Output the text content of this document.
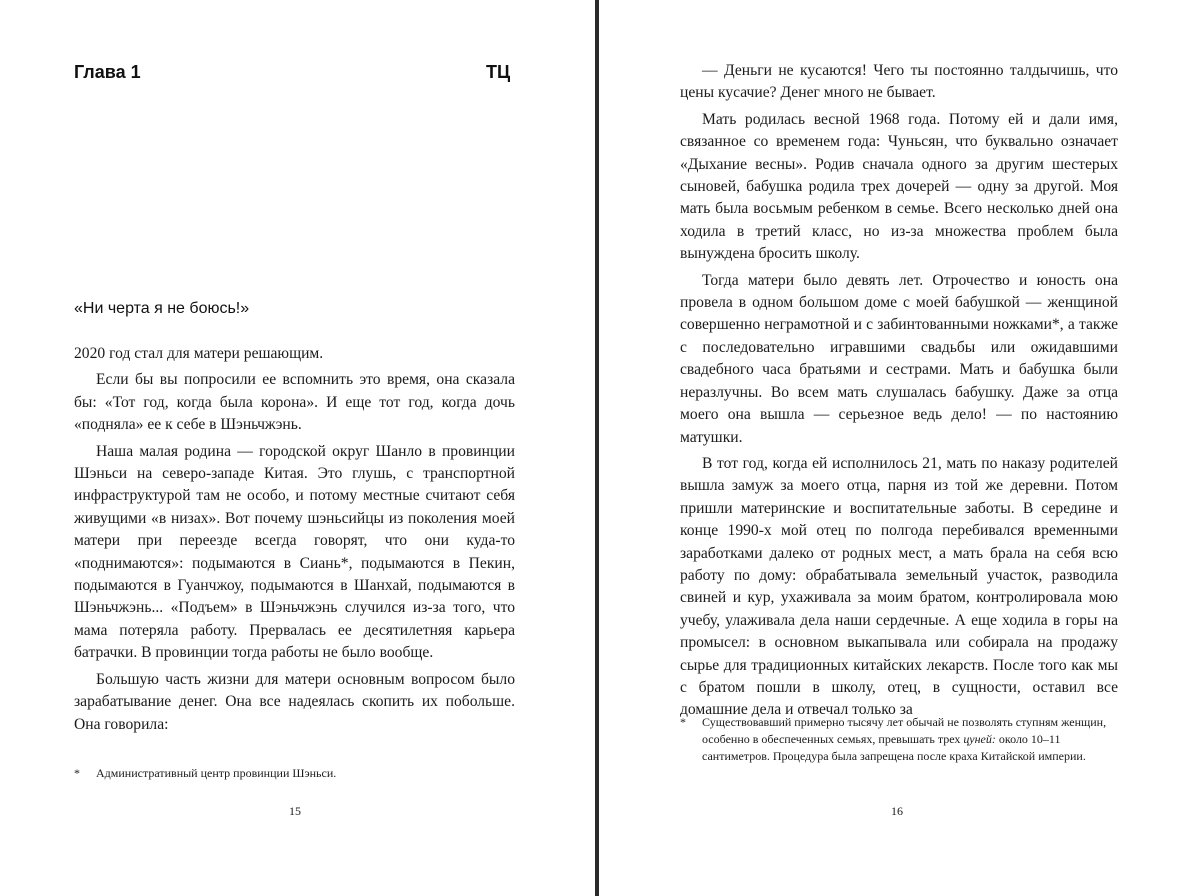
Глава 1	ТЦ
«Ни черта я не боюсь!»

2020 год стал для матери решающим.

Если бы вы попросили ее вспомнить это время, она сказала бы: «Тот год, когда была корона». И еще тот год, когда дочь «подняла» ее к себе в Шэньчжэнь.

Наша малая родина — городской округ Шанло в провинции Шэньси на северо-западе Китая. Это глушь, с транспортной инфраструктурой там не особо, и потому местные считают себя живущими «в низах». Вот почему шэньсийцы из поколения моей матери при переезде всегда говорят, что они куда-то «поднимаются»: подымаются в Сиань*, подымаются в Пекин, подымаются в Гуанчжоу, подымаются в Шанхай, подымаются в Шэньчжэнь... «Подъем» в Шэньчжэнь случился из-за того, что мама потеряла работу. Прервалась ее десятилетняя карьера батрачки. В провинции тогда работы не было вообще.

Большую часть жизни для матери основным вопросом было зарабатывание денег. Она все надеялась скопить их побольше. Она говорила:

*	Административный центр провинции Шэньси.
15

— Деньги не кусаются! Чего ты постоянно талдычишь, что цены кусачие? Денег много не бывает.

Мать родилась весной 1968 года. Потому ей и дали имя, связанное со временем года: Чуньсян, что буквально означает «Дыхание весны». Родив сначала одного за другим шестерых сыновей, бабушка родила трех дочерей — одну за другой. Моя мать была восьмым ребенком в семье. Всего несколько дней она ходила в третий класс, но из-за множества проблем была вынуждена бросить школу.

Тогда матери было девять лет. Отрочество и юность она провела в одном большом доме с моей бабушкой — женщиной совершенно неграмотной и с забинтованными ножками*, а также с последовательно игравшими свадьбы или ожидавшими свадебного часа братьями и сестрами. Мать и бабушка были неразлучны. Во всем мать слушалась бабушку. Даже за отца моего она вышла — серьезное ведь дело! — по настоянию матушки.

В тот год, когда ей исполнилось 21, мать по наказу родителей вышла замуж за моего отца, парня из той же деревни. Потом пришли материнские и воспитательные заботы. В середине и конце 1990-х мой отец по полгода перебивался временными заработками далеко от родных мест, а мать брала на себя всю работу по дому: обрабатывала земельный участок, разводила свиней и кур, ухаживала за моим братом, контролировала мою учебу, улаживала дела наши сердечные. А еще ходила в горы на промысел: в основном выкапывала или собирала на продажу сырье для традиционных китайских лекарств. После того как мы с братом пошли в школу, отец, в сущности, оставил все домашние дела и отвечал только за

*	Существовавший примерно тысячу лет обычай не позволять ступням женщин, особенно в обеспеченных семьях, превышать трех цуней: около 10–11 сантиметров. Процедура была запрещена после краха Китайской империи.
16
